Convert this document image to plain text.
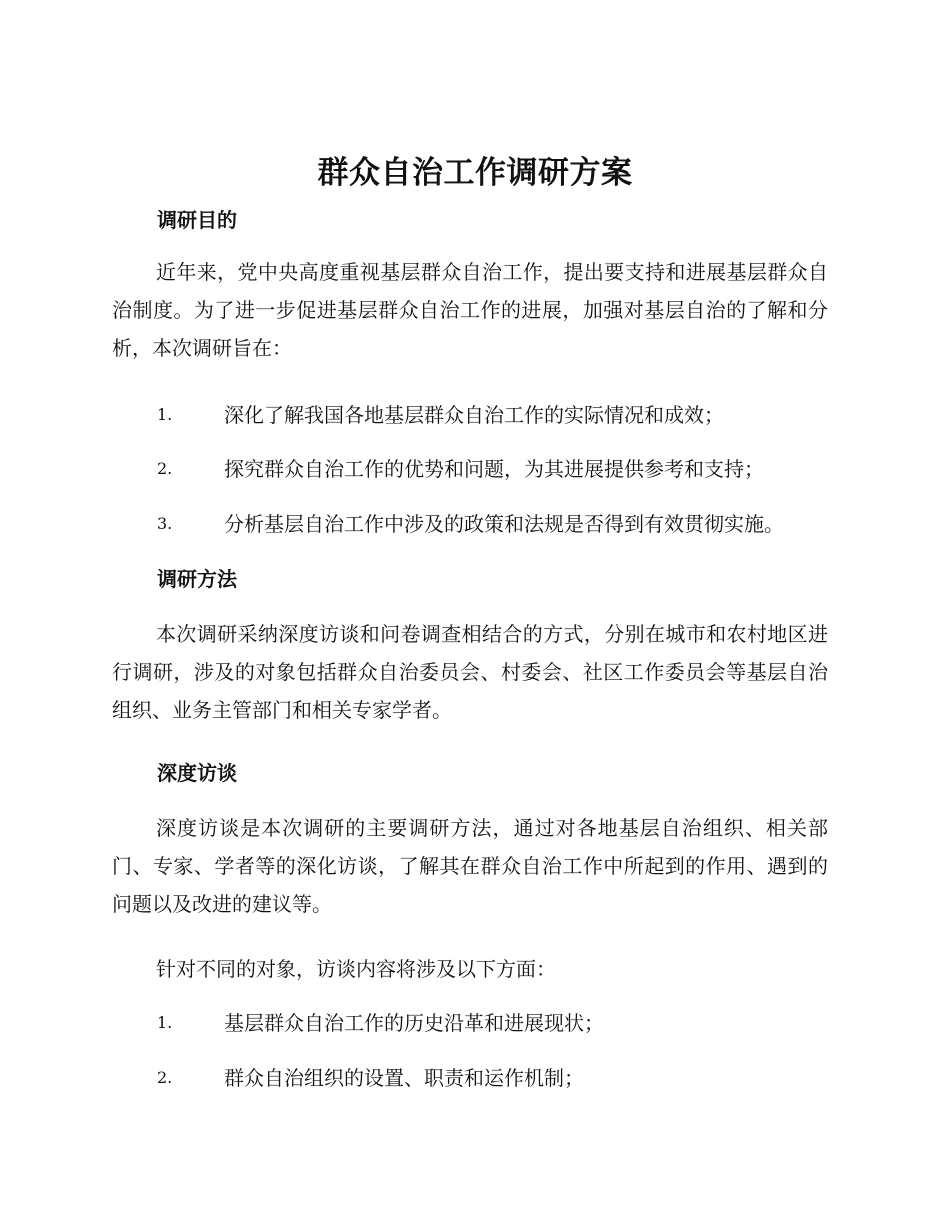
群众自治工作调研方案
调研目的

近年来，党中央高度重视基层群众自治工作，提出要支持和进展基层群众自治制度。为了进一步促进基层群众自治工作的进展，加强对基层自治的了解和分析，本次调研旨在：

1.	深化了解我国各地基层群众自治工作的实际情况和成效；
2.	探究群众自治工作的优势和问题，为其进展提供参考和支持；
3.	分析基层自治工作中涉及的政策和法规是否得到有效贯彻实施。
调研方法

本次调研采纳深度访谈和问卷调查相结合的方式，分别在城市和农村地区进行调研，涉及的对象包括群众自治委员会、村委会、社区工作委员会等基层自治组织、业务主管部门和相关专家学者。

深度访谈

深度访谈是本次调研的主要调研方法，通过对各地基层自治组织、相关部门、专家、学者等的深化访谈，了解其在群众自治工作中所起到的作用、遇到的问题以及改进的建议等。

针对不同的对象，访谈内容将涉及以下方面：

1.	基层群众自治工作的历史沿革和进展现状；
2.	群众自治组织的设置、职责和运作机制；
